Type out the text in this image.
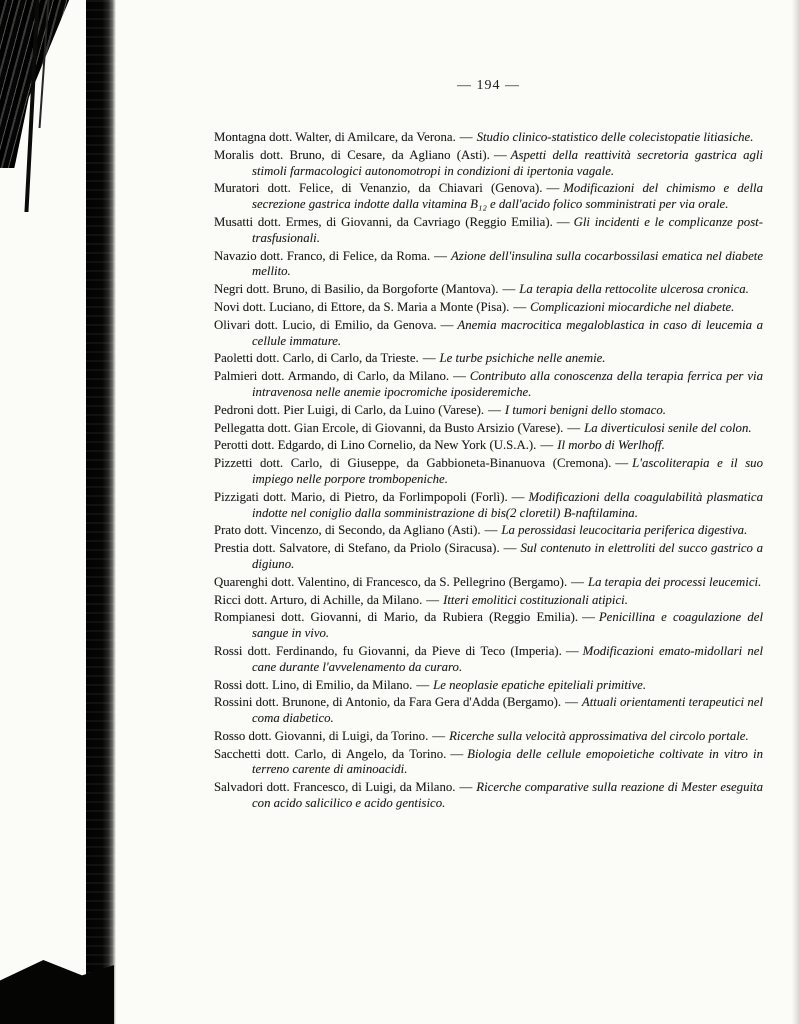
— 194 —

Montagna dott. Walter, di Amilcare, da Verona. — Studio clinico-statistico delle colecistopatie litiasiche.

Moralis dott. Bruno, di Cesare, da Agliano (Asti). — Aspetti della reattività secretoria gastrica agli stimoli farmacologici autonomotropi in condizioni di ipertonia vagale.

Muratori dott. Felice, di Venanzio, da Chiavari (Genova). — Modificazioni del chimismo e della secrezione gastrica indotte dalla vitamina B₁₂ e dall'acido folico somministrati per via orale.

Musatti dott. Ermes, di Giovanni, da Cavriago (Reggio Emilia). — Gli incidenti e le complicanze post-trasfusionali.

Navazio dott. Franco, di Felice, da Roma. — Azione dell'insulina sulla cocarbossilasi ematica nel diabete mellito.

Negri dott. Bruno, di Basilio, da Borgoforte (Mantova). — La terapia della rettocolite ulcerosa cronica.

Novi dott. Luciano, di Ettore, da S. Maria a Monte (Pisa). — Complicazioni miocardiche nel diabete.

Olivari dott. Lucio, di Emilio, da Genova. — Anemia macrocitica megaloblastica in caso di leucemia a cellule immature.

Paoletti dott. Carlo, di Carlo, da Trieste. — Le turbe psichiche nelle anemie.

Palmieri dott. Armando, di Carlo, da Milano. — Contributo alla conoscenza della terapia ferrica per via intravenosa nelle anemie ipocromiche iposideremiche.

Pedroni dott. Pier Luigi, di Carlo, da Luino (Varese). — I tumori benigni dello stomaco.

Pellegatta dott. Gian Ercole, di Giovanni, da Busto Arsizio (Varese). — La diverticulosi senile del colon.

Perotti dott. Edgardo, di Lino Cornelio, da New York (U.S.A.). — Il morbo di Werlhoff.

Pizzetti dott. Carlo, di Giuseppe, da Gabbioneta-Binanuova (Cremona). — L'ascoliterapia e il suo impiego nelle porpore trombopeniche.

Pizzigati dott. Mario, di Pietro, da Forlimpopoli (Forlì). — Modificazioni della coagulabilità plasmatica indotte nel coniglio dalla somministrazione di bis(2 cloretil) B-naftilamina.

Prato dott. Vincenzo, di Secondo, da Agliano (Asti). — La perossidasi leucocitaria periferica digestiva.

Prestia dott. Salvatore, di Stefano, da Priolo (Siracusa). — Sul contenuto in elettroliti del succo gastrico a digiuno.

Quarenghi dott. Valentino, di Francesco, da S. Pellegrino (Bergamo). — La terapia dei processi leucemici.

Ricci dott. Arturo, di Achille, da Milano. — Itteri emolitici costituzionali atipici.

Rompianesi dott. Giovanni, di Mario, da Rubiera (Reggio Emilia). — Penicillina e coagulazione del sangue in vivo.

Rossi dott. Ferdinando, fu Giovanni, da Pieve di Teco (Imperia). — Modificazioni emato-midollari nel cane durante l'avvelenamento da curaro.

Rossi dott. Lino, di Emilio, da Milano. — Le neoplasie epatiche epiteliali primitive.

Rossini dott. Brunone, di Antonio, da Fara Gera d'Adda (Bergamo). — Attuali orientamenti terapeutici nel coma diabetico.

Rosso dott. Giovanni, di Luigi, da Torino. — Ricerche sulla velocità approssimativa del circolo portale.

Sacchetti dott. Carlo, di Angelo, da Torino. — Biologia delle cellule emopoietiche coltivate in vitro in terreno carente di aminoacidi.

Salvadori dott. Francesco, di Luigi, da Milano. — Ricerche comparative sulla reazione di Mester eseguita con acido salicilico e acido gentisico.
